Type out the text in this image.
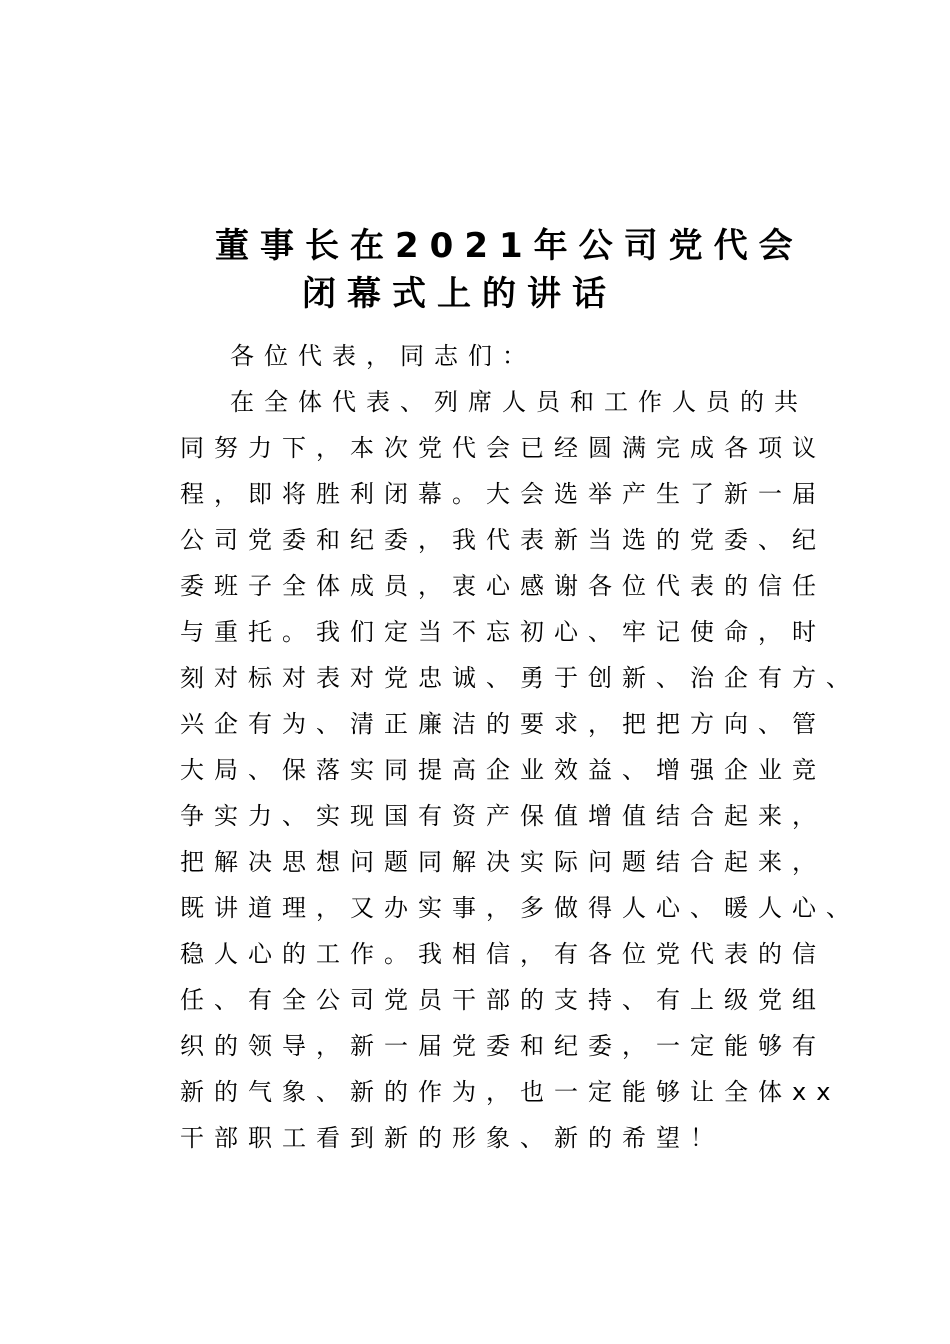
董事长在2021年公司党代会
闭幕式上的讲话
各位代表，同志们：
在全体代表、列席人员和工作人员的共
同努力下，本次党代会已经圆满完成各项议
程，即将胜利闭幕。大会选举产生了新一届
公司党委和纪委，我代表新当选的党委、纪
委班子全体成员，衷心感谢各位代表的信任
与重托。我们定当不忘初心、牢记使命，时
刻对标对表对党忠诚、勇于创新、治企有方、
兴企有为、清正廉洁的要求，把把方向、管
大局、保落实同提高企业效益、增强企业竞
争实力、实现国有资产保值增值结合起来，
把解决思想问题同解决实际问题结合起来，
既讲道理，又办实事，多做得人心、暖人心、
稳人心的工作。我相信，有各位党代表的信
任、有全公司党员干部的支持、有上级党组
织的领导，新一届党委和纪委，一定能够有
新的气象、新的作为，也一定能够让全体xx
干部职工看到新的形象、新的希望！
